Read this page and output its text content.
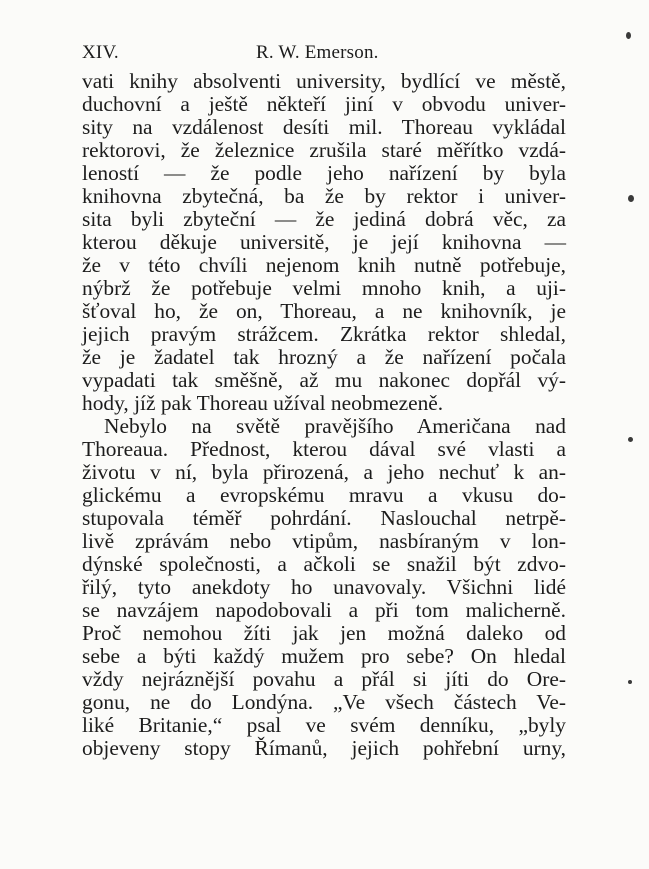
XIV.	R. W. Emerson.
vati knihy absolventi university, bydlící ve městě,
duchovní a ještě někteří jiní v obvodu univer-
sity na vzdálenost desíti mil. Thoreau vykládal
rektorovi, že železnice zrušila staré měřítko vzdá-
leností — že podle jeho nařízení by byla
knihovna zbytečná, ba že by rektor i univer-
sita byli zbyteční — že jediná dobrá věc, za
kterou děkuje universitě, je její knihovna —
že v této chvíli nejenom knih nutně potřebuje,
nýbrž že potřebuje velmi mnoho knih, a uji-
šťoval ho, že on, Thoreau, a ne knihovník, je
jejich pravým strážcem. Zkrátka rektor shledal,
že je žadatel tak hrozný a že nařízení počala
vypadati tak směšně, až mu nakonec dopřál vý-
hody, jíž pak Thoreau užíval neobmezeně.
Nebylo na světě pravějšího Američana nad
Thoreaua. Přednost, kterou dával své vlasti a
životu v ní, byla přirozená, a jeho nechuť k an-
glickému a evropskému mravu a vkusu do-
stupovala téměř pohrdání. Naslouchal netrpě-
livě zprávám nebo vtipům, nasbíraným v lon-
dýnské společnosti, a ačkoli se snažil být zdvo-
řilý, tyto anekdoty ho unavovaly. Všichni lidé
se navzájem napodobovali a při tom malicherně.
Proč nemohou žíti jak jen možná daleko od
sebe a býti každý mužem pro sebe? On hledal
vždy nejráznější povahu a přál si jíti do Ore-
gonu, ne do Londýna. „Ve všech částech Ve-
liké Britanie,“ psal ve svém denníku, „byly
objeveny stopy Římanů, jejich pohřební urny,
